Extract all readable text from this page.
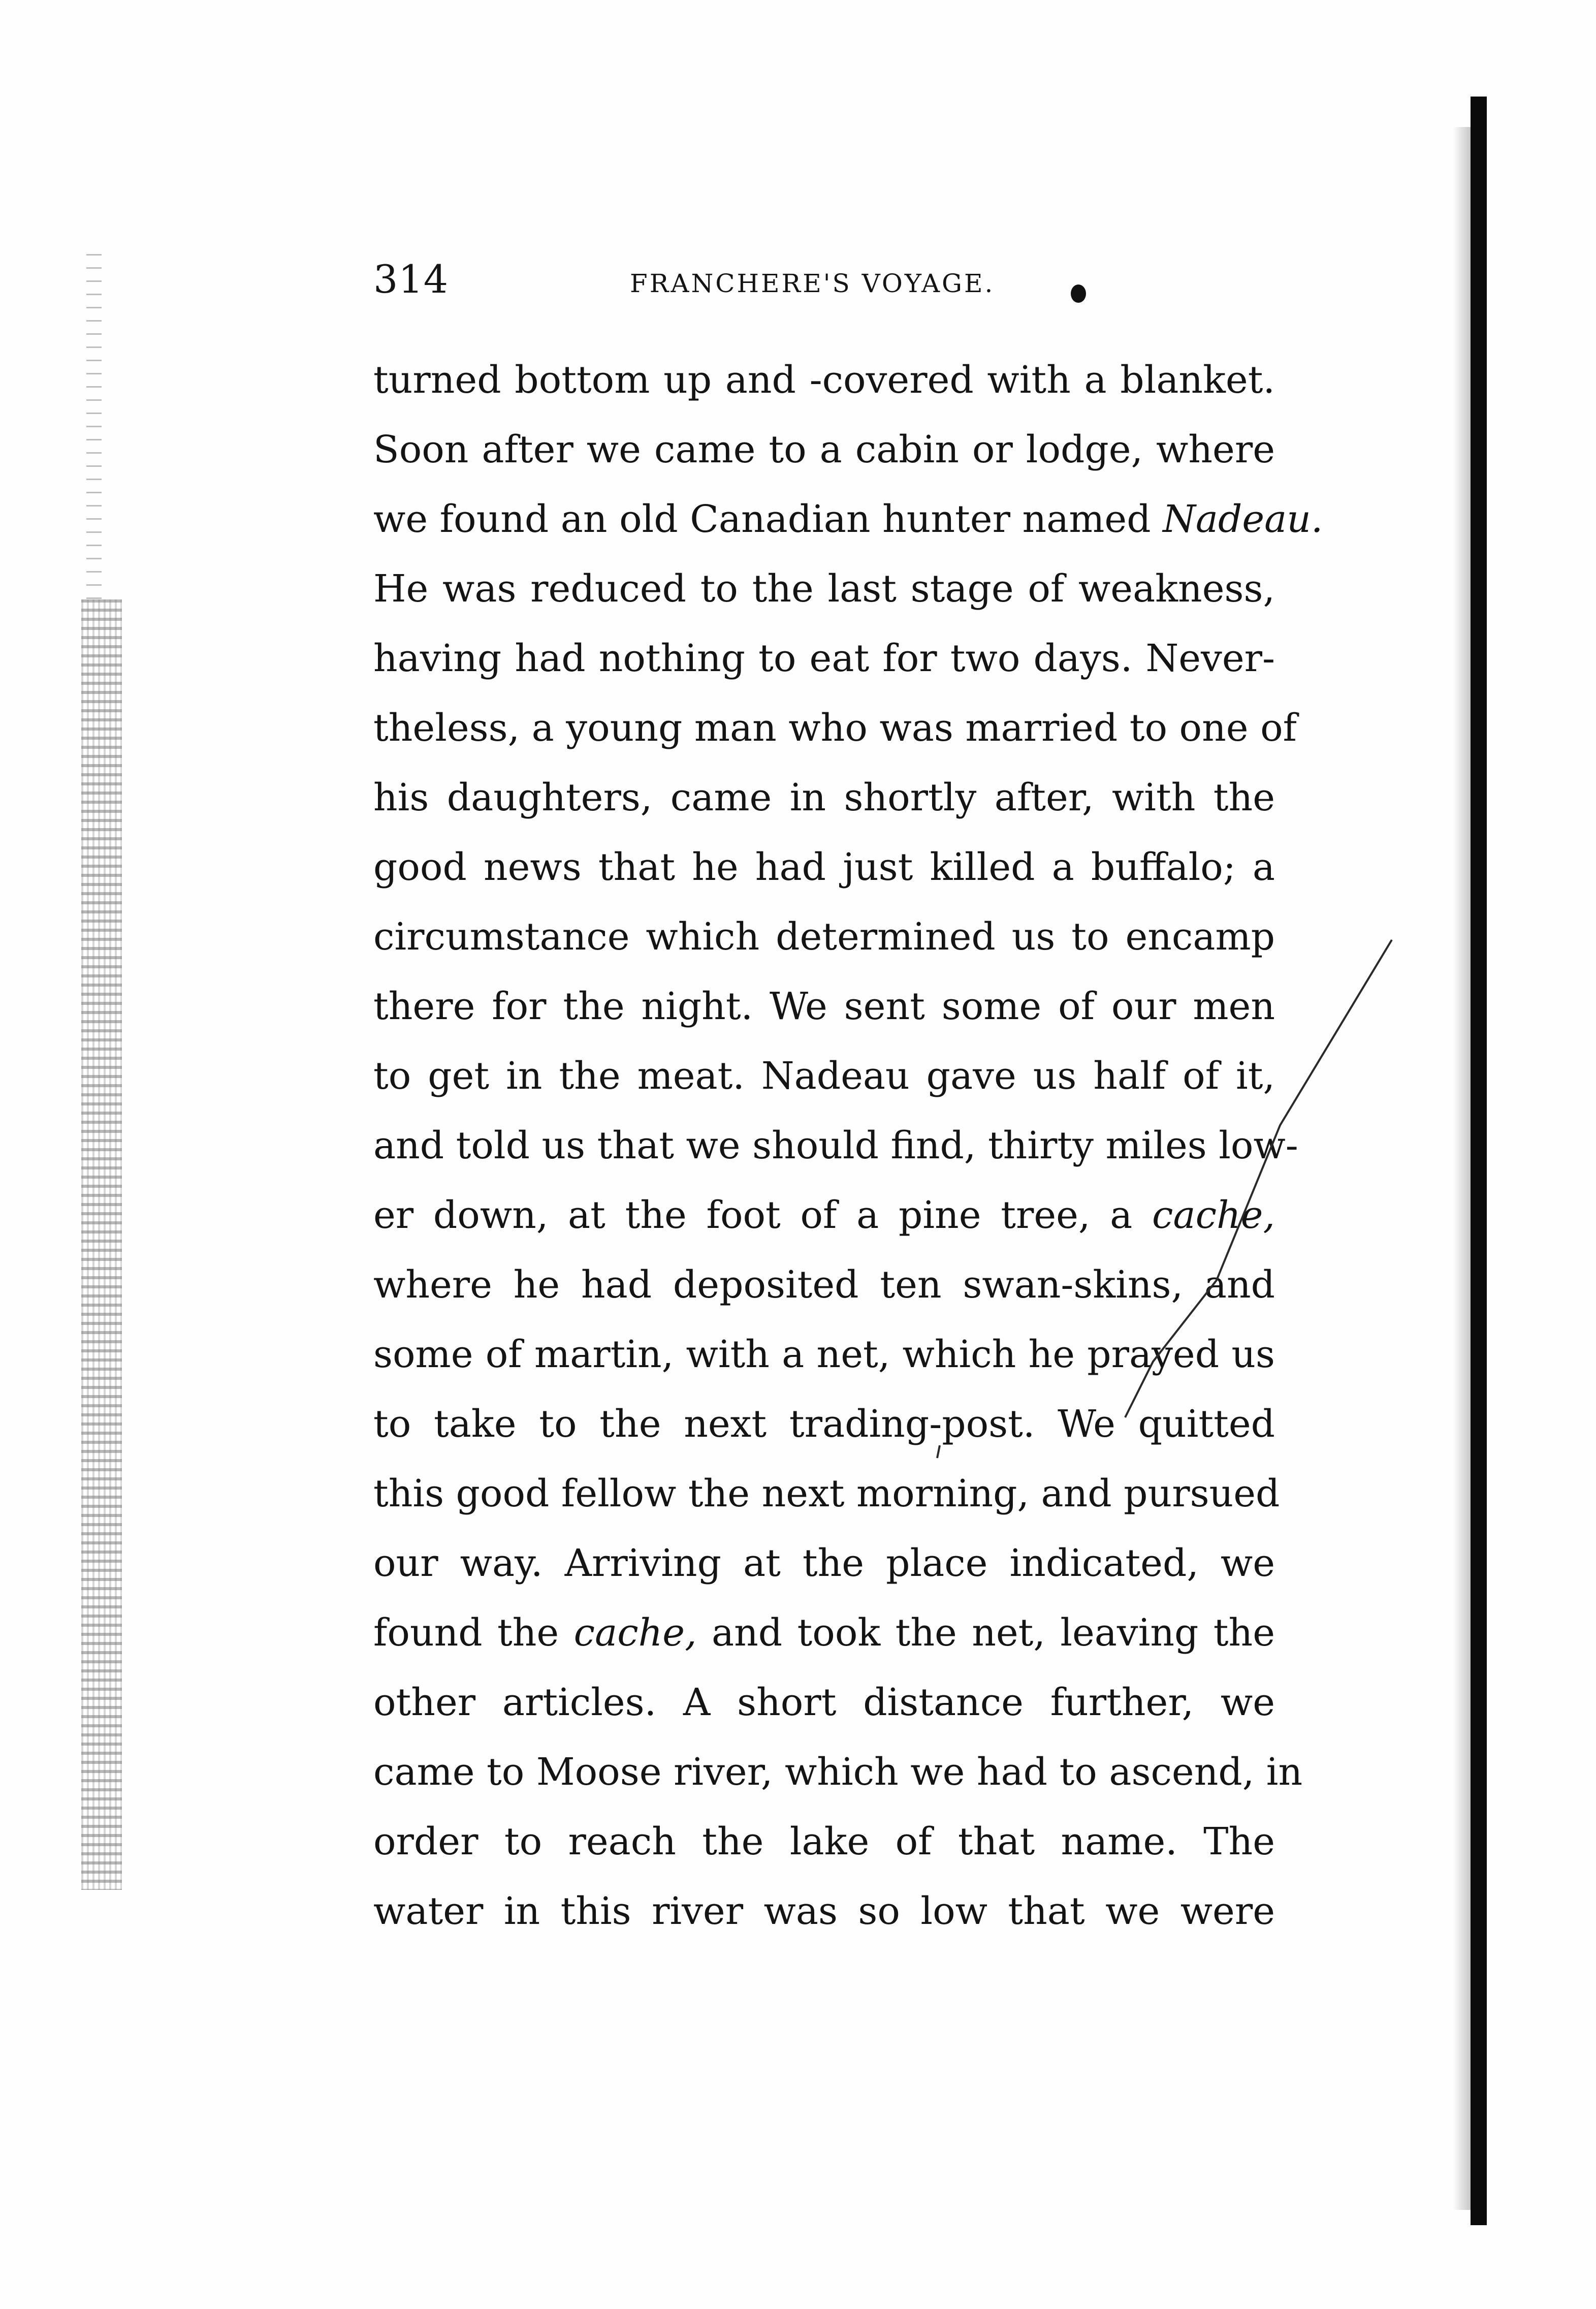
314	FRANCHERE'S VOYAGE.
turned bottom up and -covered with a blanket.
Soon after we came to a cabin or lodge, where
we found an old Canadian hunter named Nadeau.
He was reduced to the last stage of weakness,
having had nothing to eat for two days. Never-
theless, a young man who was married to one of
his daughters, came in shortly after, with the
good news that he had just killed a buffalo; a
circumstance which determined us to encamp
there for the night. We sent some of our men
to get in the meat. Nadeau gave us half of it,
and told us that we should find, thirty miles low-
er down, at the foot of a pine tree, a cache,
where he had deposited ten swan-skins, and
some of martin, with a net, which he prayed us
to take to the next trading-post. We quitted
this good fellow the next morning, and pursued
our way. Arriving at the place indicated, we
found the cache, and took the net, leaving the
other articles. A short distance further, we
came to Moose river, which we had to ascend, in
order to reach the lake of that name. The
water in this river was so low that we were
